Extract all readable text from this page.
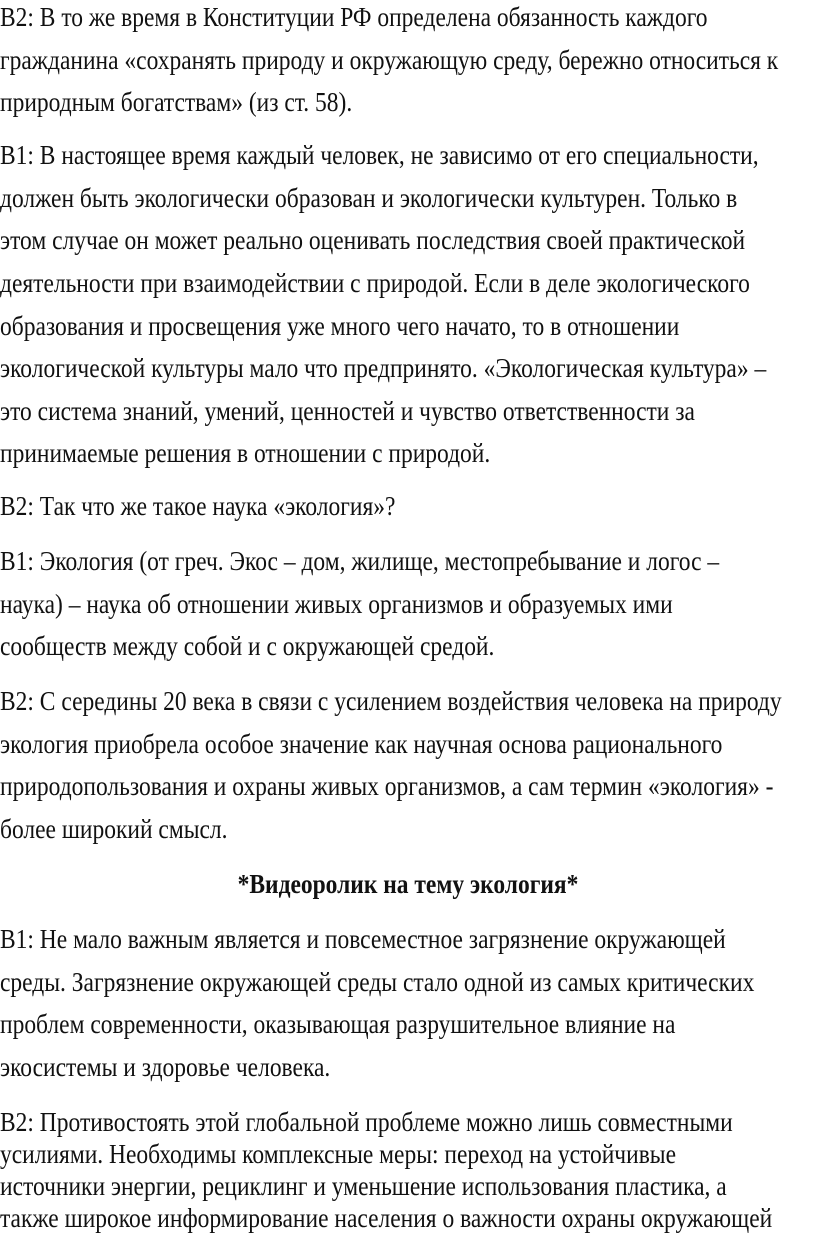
В2: В то же время в Конституции РФ определена обязанность каждого
гражданина «сохранять природу и окружающую среду, бережно относиться к
природным богатствам» (из ст. 58).
В1: В настоящее время каждый человек, не зависимо от его специальности,
должен быть экологически образован и экологически культурен. Только в
этом случае он может реально оценивать последствия своей практической
деятельности при взаимодействии с природой. Если в деле экологического
образования и просвещения уже много чего начато, то в отношении
экологической культуры мало что предпринято. «Экологическая культура» –
это система знаний, умений, ценностей и чувство ответственности за
принимаемые решения в отношении с природой.
В2: Так что же такое наука «экология»?
В1: Экология (от греч. Экос – дом, жилище, местопребывание и логос –
наука) – наука об отношении живых организмов и образуемых ими
сообществ между собой и с окружающей средой.
В2: С середины 20 века в связи с усилением воздействия человека на природу
экология приобрела особое значение как научная основа рационального
природопользования и охраны живых организмов, а сам термин «экология» -
более широкий смысл.
*Видеоролик на тему экология*
В1: Не мало важным является и повсеместное загрязнение окружающей
среды. Загрязнение окружающей среды стало одной из самых критических
проблем современности, оказывающая разрушительное влияние на
экосистемы и здоровье человека.
В2: Противостоять этой глобальной проблеме можно лишь совместными
усилиями. Необходимы комплексные меры: переход на устойчивые
источники энергии, рециклинг и уменьшение использования пластика, а
также широкое информирование населения о важности охраны окружающей
